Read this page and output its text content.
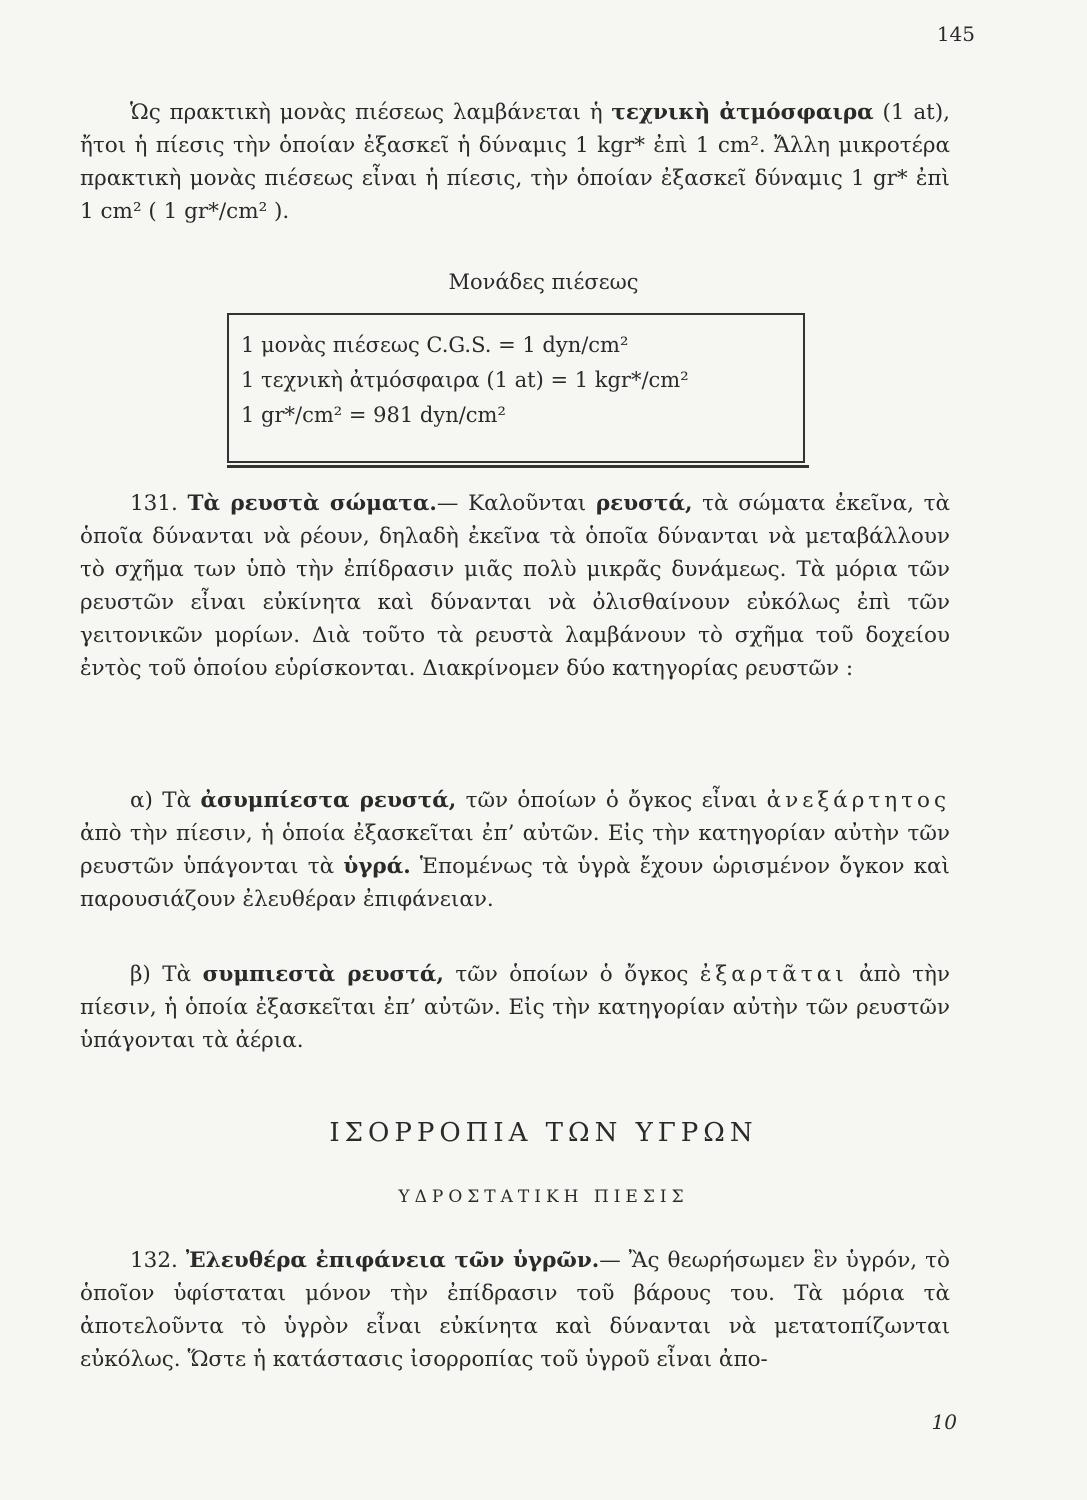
145

Ὡς πρακτικὴ μονὰς πιέσεως λαμβάνεται ἡ τεχνικὴ ἀτμόσφαιρα (1 at), ἤτοι ἡ πίεσις τὴν ὁποίαν ἐξασκεῖ ἡ δύναμις 1 kgr* ἐπὶ 1 cm². Ἄλλη μικροτέρα πρακτικὴ μονὰς πιέσεως εἶναι ἡ πίεσις, τὴν ὁποίαν ἐξασκεῖ δύναμις 1 gr* ἐπὶ 1 cm² ( 1 gr*/cm² ).

Μονάδες πιέσεως

1 μονὰς πιέσεως C.G.S. = 1 dyn/cm²
1 τεχνικὴ ἀτμόσφαιρα (1 at) = 1 kgr*/cm²
1 gr*/cm² = 981 dyn/cm²

131. Τὰ ρευστὰ σώματα.— Καλοῦνται ρευστά, τὰ σώματα ἐκεῖνα, τὰ ὁποῖα δύνανται νὰ ρέουν, δηλαδὴ ἐκεῖνα τὰ ὁποῖα δύνανται νὰ μεταβάλλουν τὸ σχῆμα των ὑπὸ τὴν ἐπίδρασιν μιᾶς πολὺ μικρᾶς δυνάμεως. Τὰ μόρια τῶν ρευστῶν εἶναι εὐκίνητα καὶ δύνανται νὰ ὀλισθαίνουν εὐκόλως ἐπὶ τῶν γειτονικῶν μορίων. Διὰ τοῦτο τὰ ρευστὰ λαμβάνουν τὸ σχῆμα τοῦ δοχείου ἐντὸς τοῦ ὁποίου εὑρίσκονται. Διακρίνομεν δύο κατηγορίας ρευστῶν :

α) Τὰ ἀσυμπίεστα ρευστά, τῶν ὁποίων ὁ ὄγκος εἶναι ἀνεξάρτητος ἀπὸ τὴν πίεσιν, ἡ ὁποία ἐξασκεῖται ἐπ’ αὐτῶν. Εἰς τὴν κατηγορίαν αὐτὴν τῶν ρευστῶν ὑπάγονται τὰ ὑγρά. Ἑπομένως τὰ ὑγρὰ ἔχουν ὡρισμένον ὄγκον καὶ παρουσιάζουν ἐλευθέραν ἐπιφάνειαν.

β) Τὰ συμπιεστὰ ρευστά, τῶν ὁποίων ὁ ὄγκος ἐξαρτᾶται ἀπὸ τὴν πίεσιν, ἡ ὁποία ἐξασκεῖται ἐπ’ αὐτῶν. Εἰς τὴν κατηγορίαν αὐτὴν τῶν ρευστῶν ὑπάγονται τὰ ἀέρια.

ΙΣΟΡΡΟΠΙΑ ΤΩΝ ΥΓΡΩΝ
ΥΔΡΟΣΤΑΤΙΚΗ ΠΙΕΣΙΣ

132. Ἐλευθέρα ἐπιφάνεια τῶν ὑγρῶν.— Ἂς θεωρήσωμεν ἓν ὑγρόν, τὸ ὁποῖον ὑφίσταται μόνον τὴν ἐπίδρασιν τοῦ βάρους του. Τὰ μόρια τὰ ἀποτελοῦντα τὸ ὑγρὸν εἶναι εὐκίνητα καὶ δύνανται νὰ μετατοπίζωνται εὐκόλως. Ὥστε ἡ κατάστασις ἰσορροπίας τοῦ ὑγροῦ εἶναι ἀπο-

10
